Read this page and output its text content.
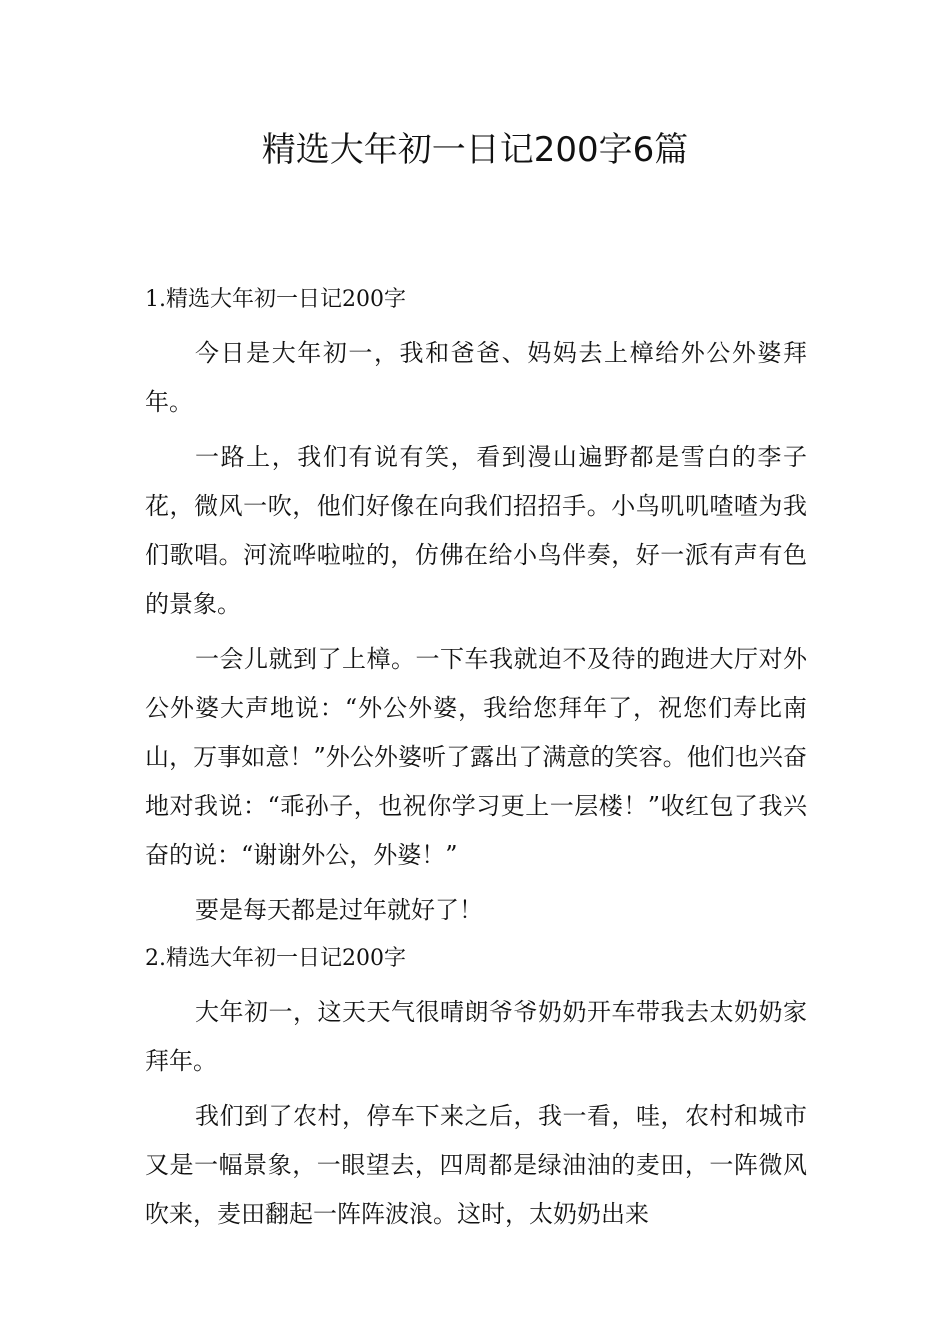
精选大年初一日记200字6篇

1.精选大年初一日记200字

今日是大年初一，我和爸爸、妈妈去上樟给外公外婆拜年。

一路上，我们有说有笑，看到漫山遍野都是雪白的李子花，微风一吹，他们好像在向我们招招手。小鸟叽叽喳喳为我们歌唱。河流哗啦啦的，仿佛在给小鸟伴奏，好一派有声有色的景象。

一会儿就到了上樟。一下车我就迫不及待的跑进大厅对外公外婆大声地说：“外公外婆，我给您拜年了，祝您们寿比南山，万事如意！”外公外婆听了露出了满意的笑容。他们也兴奋地对我说：“乖孙子，也祝你学习更上一层楼！”收红包了我兴奋的说：“谢谢外公，外婆！”

要是每天都是过年就好了！

2.精选大年初一日记200字

大年初一，这天天气很晴朗爷爷奶奶开车带我去太奶奶家拜年。

我们到了农村，停车下来之后，我一看，哇，农村和城市又是一幅景象，一眼望去，四周都是绿油油的麦田，一阵微风吹来，麦田翻起一阵阵波浪。这时，太奶奶出来
